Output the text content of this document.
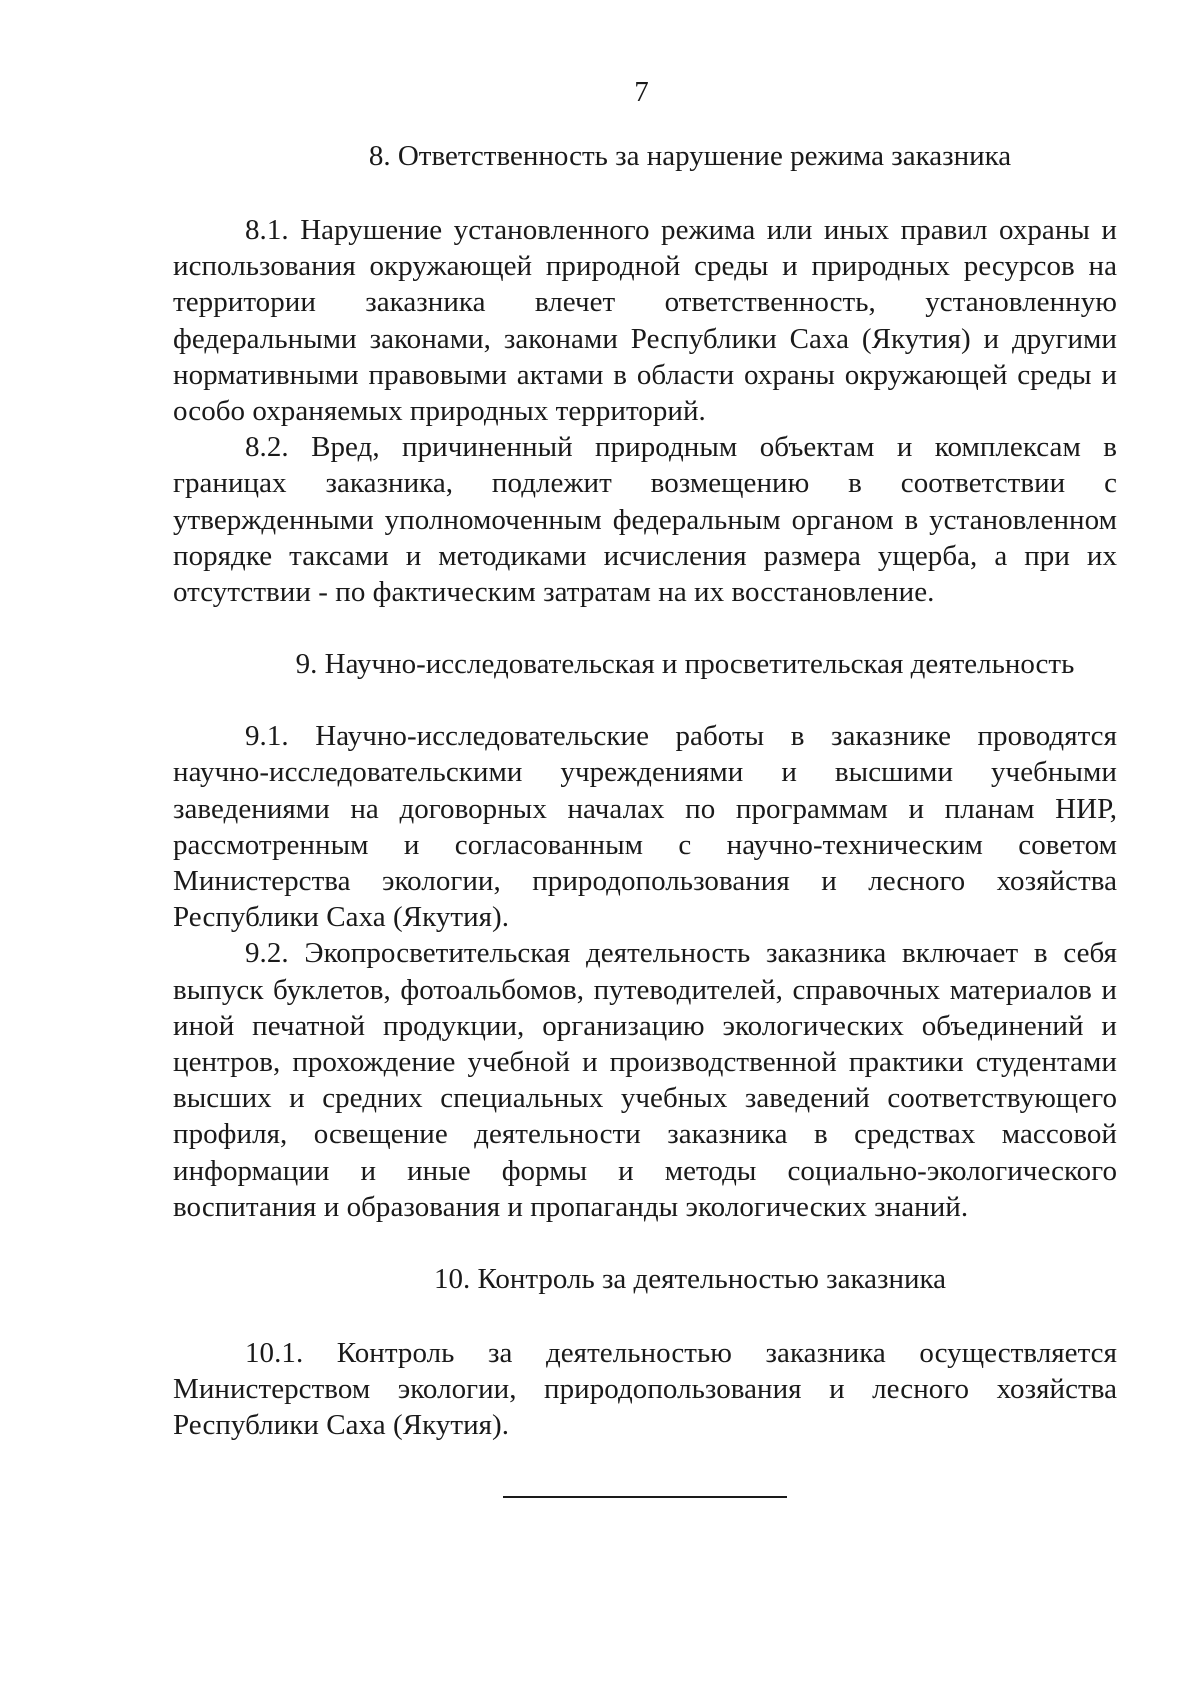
7

8. Ответственность за нарушение режима заказника

8.1. Нарушение установленного режима или иных правил охраны и использования окружающей природной среды и природных ресурсов на территории заказника влечет ответственность, установленную федеральными законами, законами Республики Саха (Якутия) и другими нормативными правовыми актами в области охраны окружающей среды и особо охраняемых природных территорий.

8.2. Вред, причиненный природным объектам и комплексам в границах заказника, подлежит возмещению в соответствии с утвержденными уполномоченным федеральным органом в установленном порядке таксами и методиками исчисления размера ущерба, а при их отсутствии - по фактическим затратам на их восстановление.

9. Научно-исследовательская и просветительская деятельность

9.1. Научно-исследовательские работы в заказнике проводятся научно-исследовательскими учреждениями и высшими учебными заведениями на договорных началах по программам и планам НИР, рассмотренным и согласованным с научно-техническим советом Министерства экологии, природопользования и лесного хозяйства Республики Саха (Якутия).

9.2. Экопросветительская деятельность заказника включает в себя выпуск буклетов, фотоальбомов, путеводителей, справочных материалов и иной печатной продукции, организацию экологических объединений и центров, прохождение учебной и производственной практики студентами высших и средних специальных учебных заведений соответствующего профиля, освещение деятельности заказника в средствах массовой информации и иные формы и методы социально-экологического воспитания и образования и пропаганды экологических знаний.

10. Контроль за деятельностью заказника

10.1. Контроль за деятельностью заказника осуществляется Министерством экологии, природопользования и лесного хозяйства Республики Саха (Якутия).
